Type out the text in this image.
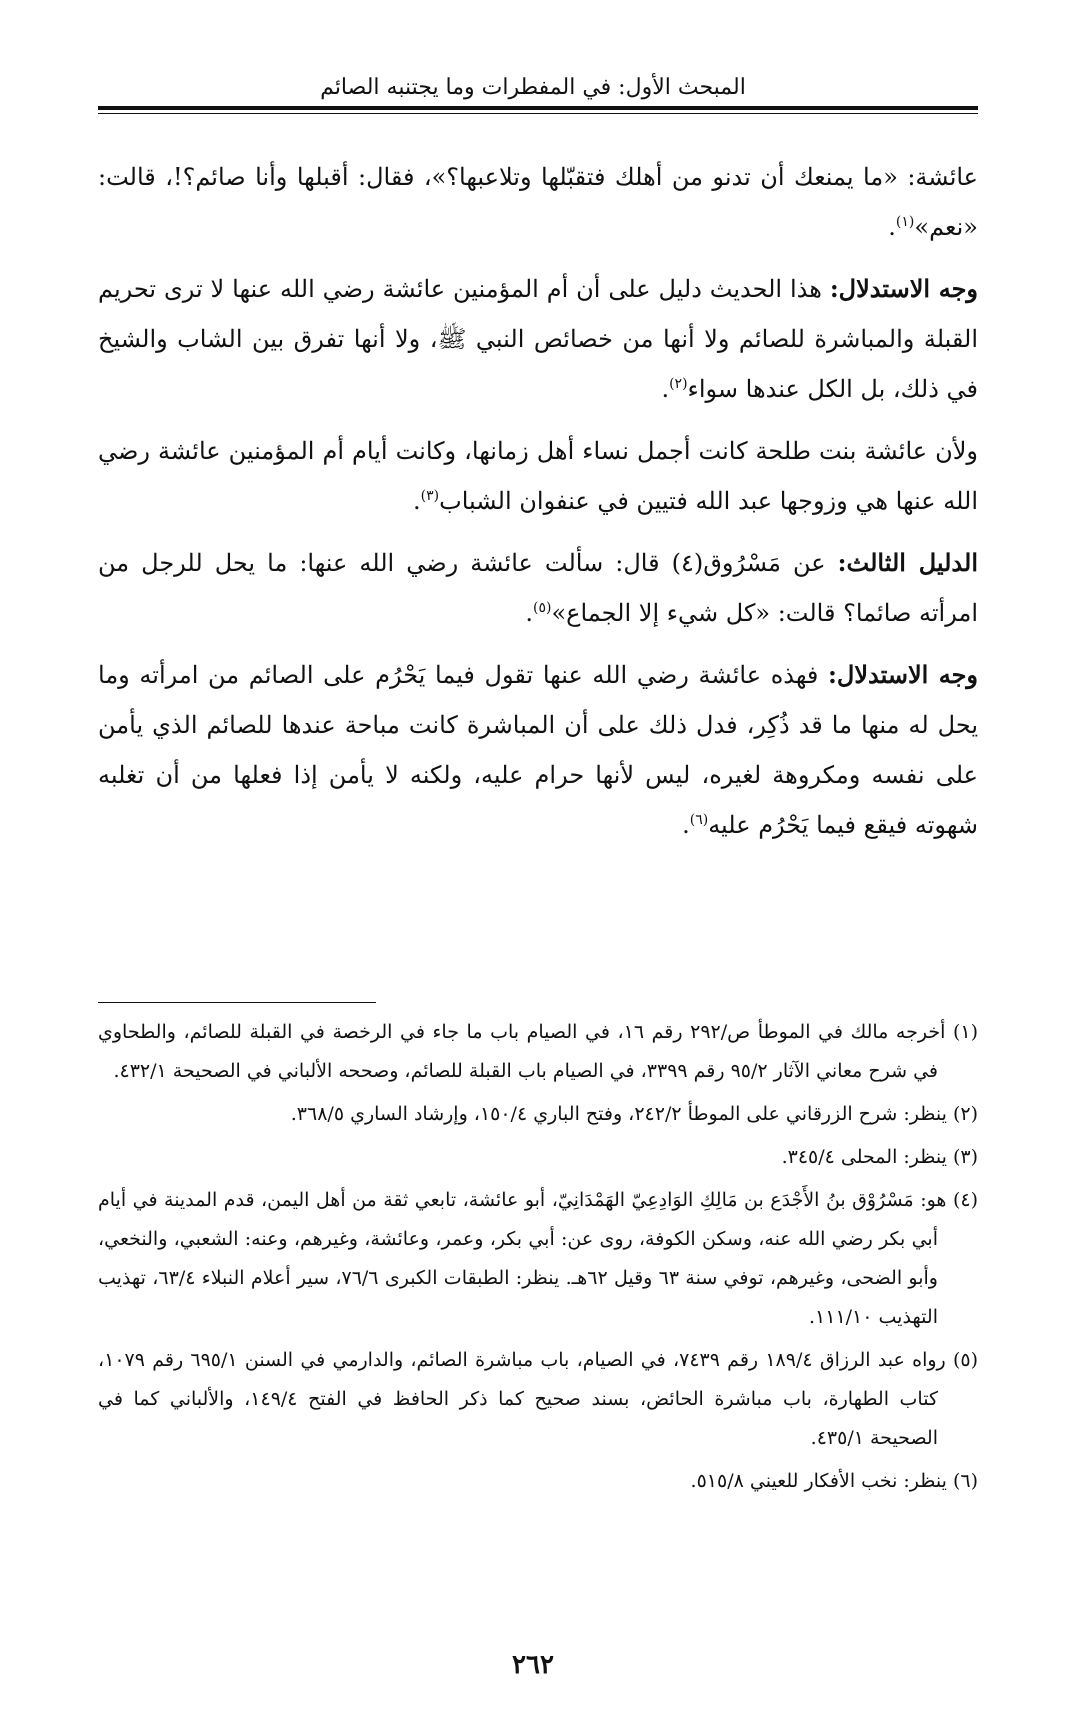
المبحث الأول: في المفطرات وما يجتنبه الصائم

عائشة: «ما يمنعك أن تدنو من أهلك فتقبّلها وتلاعبها؟»، فقال: أقبلها وأنا صائم؟!، قالت: «نعم»$^{(١)}$.

وجه الاستدلال: هذا الحديث دليل على أن أم المؤمنين عائشة رضي الله عنها لا ترى تحريم القبلة والمباشرة للصائم ولا أنها من خصائص النبي ﷺ، ولا أنها تفرق بين الشاب والشيخ في ذلك، بل الكل عندها سواء$^{(٢)}$.

ولأن عائشة بنت طلحة كانت أجمل نساء أهل زمانها، وكانت أيام أم المؤمنين عائشة رضي الله عنها هي وزوجها عبد الله فتيين في عنفوان الشباب$^{(٣)}$.

الدليل الثالث: عن مَسْرُوق(٤) قال: سألت عائشة رضي الله عنها: ما يحل للرجل من امرأته صائما؟ قالت: «كل شيء إلا الجماع»$^{(٥)}$.

وجه الاستدلال: فهذه عائشة رضي الله عنها تقول فيما يَحْرُم على الصائم من امرأته وما يحل له منها ما قد ذُكِر، فدل ذلك على أن المباشرة كانت مباحة عندها للصائم الذي يأمن على نفسه ومكروهة لغيره، ليس لأنها حرام عليه، ولكنه لا يأمن إذا فعلها من أن تغلبه شهوته فيقع فيما يَحْرُم عليه$^{(٦)}$.

(١) أخرجه مالك في الموطأ ص/٢٩٢ رقم ١٦، في الصيام باب ما جاء في الرخصة في القبلة للصائم، والطحاوي في شرح معاني الآثار ٩٥/٢ رقم ٣٣٩٩، في الصيام باب القبلة للصائم، وصححه الألباني في الصحيحة ٤٣٢/١.

(٢) ينظر: شرح الزرقاني على الموطأ ٢٤٢/٢، وفتح الباري ١٥٠/٤، وإرشاد الساري ٣٦٨/٥.

(٣) ينظر: المحلى ٣٤٥/٤.

(٤) هو: مَسْرُوْق بنُ الأَجْدَع بن مَالِكِ الوَادِعِيّ الهَمْدَانِيّ، أبو عائشة، تابعي ثقة من أهل اليمن، قدم المدينة في أيام أبي بكر رضي الله عنه، وسكن الكوفة، روى عن: أبي بكر، وعمر، وعائشة، وغيرهم، وعنه: الشعبي، والنخعي، وأبو الضحى، وغيرهم، توفي سنة ٦٣ وقيل ٦٢هـ. ينظر: الطبقات الكبرى ٧٦/٦، سير أعلام النبلاء ٦٣/٤، تهذيب التهذيب ١١١/١٠.

(٥) رواه عبد الرزاق ١٨٩/٤ رقم ٧٤٣٩، في الصيام، باب مباشرة الصائم، والدارمي في السنن ٦٩٥/١ رقم ١٠٧٩، كتاب الطهارة، باب مباشرة الحائض، بسند صحيح كما ذكر الحافظ في الفتح ١٤٩/٤، والألباني كما في الصحيحة ٤٣٥/١.

(٦) ينظر: نخب الأفكار للعيني ٥١٥/٨.

٢٦٢
